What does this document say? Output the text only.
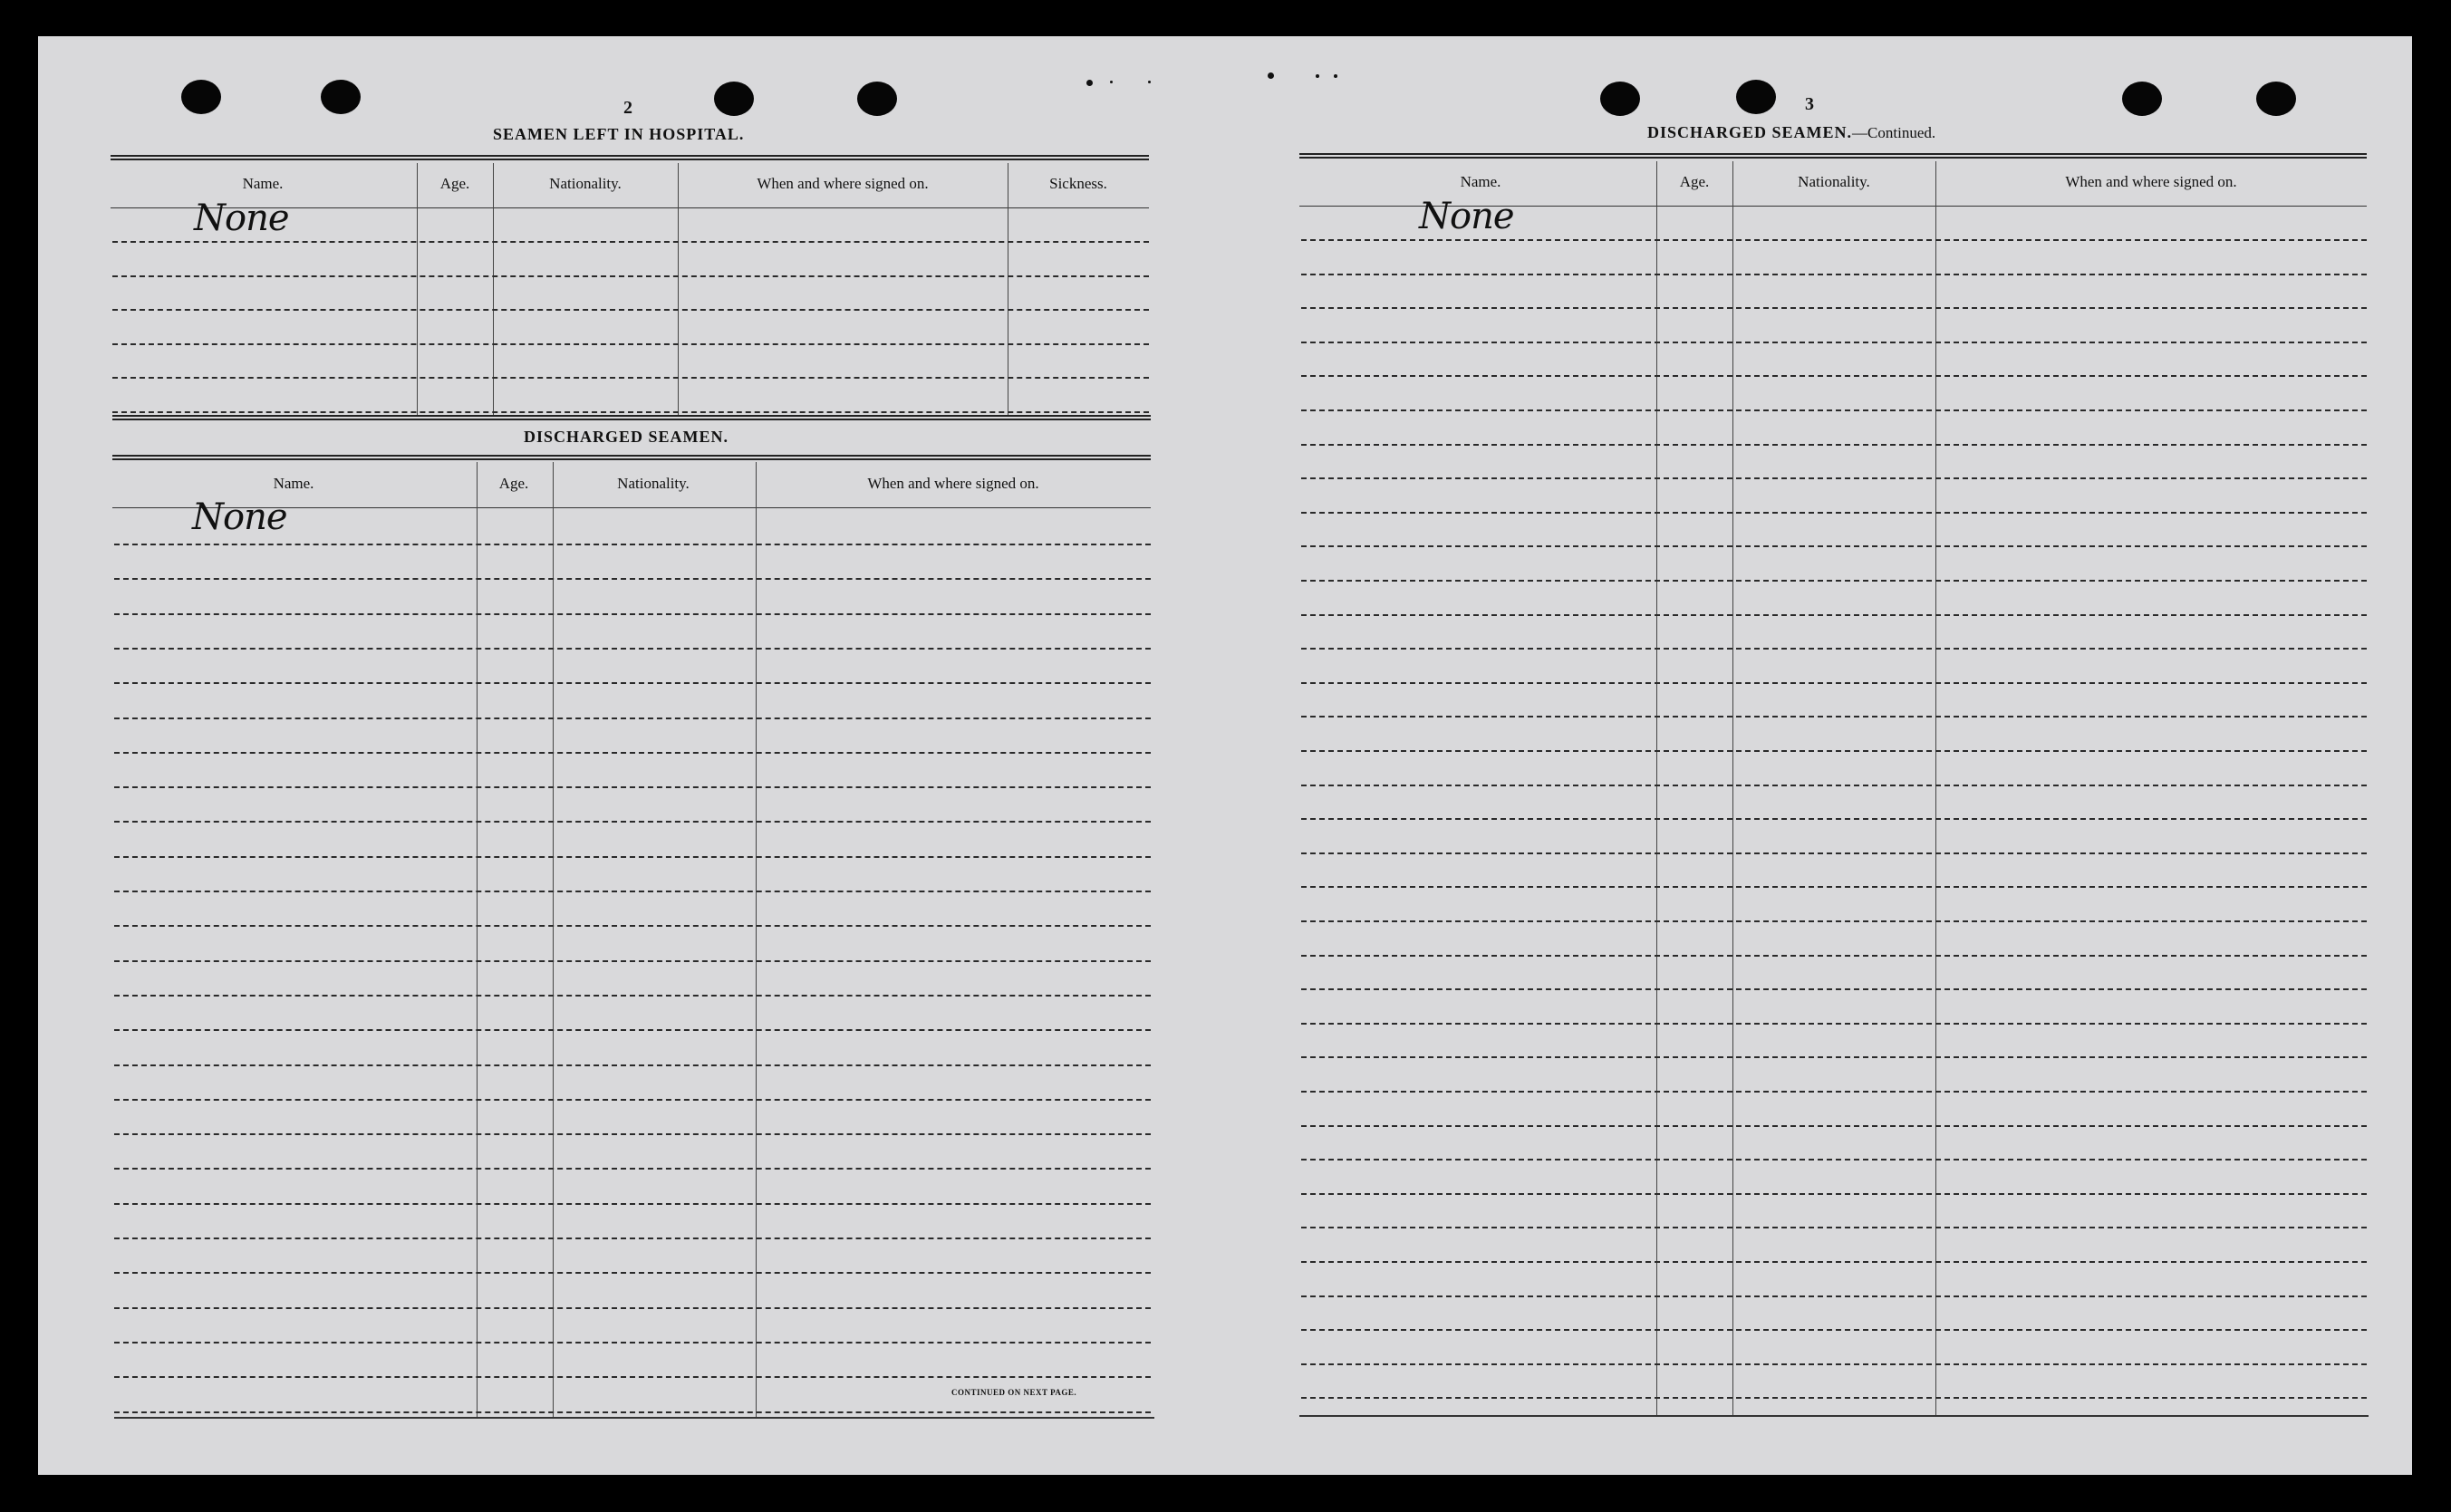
2
SEAMEN LEFT IN HOSPITAL.
Name.	Age.	Nationality.	When and where signed on.	Sickness.
None
DISCHARGED SEAMEN.
Name.	Age.	Nationality.	When and where signed on.
None
CONTINUED ON NEXT PAGE.
3
DISCHARGED SEAMEN.—Continued.
Name.	Age.	Nationality.	When and where signed on.
None
